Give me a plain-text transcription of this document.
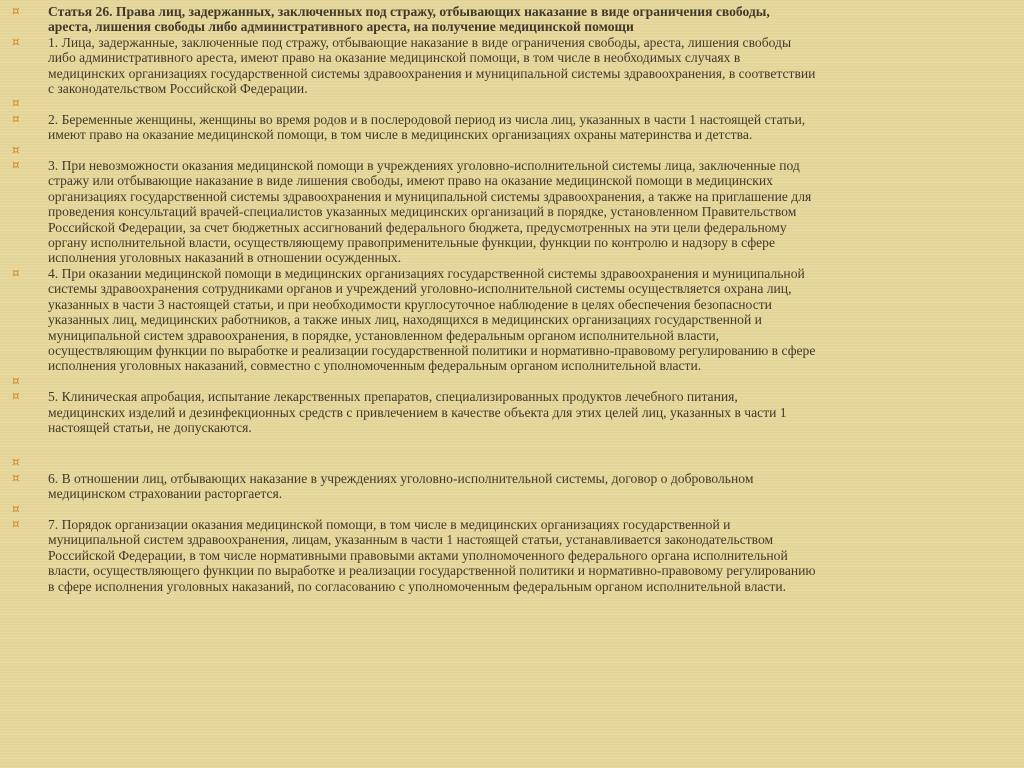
¤ Статья 26. Права лиц, задержанных, заключенных под стражу, отбывающих наказание в виде ограничения свободы,
ареста, лишения свободы либо административного ареста, на получение медицинской помощи
¤ 1. Лица, задержанные, заключенные под стражу, отбывающие наказание в виде ограничения свободы, ареста, лишения свободы
либо административного ареста, имеют право на оказание медицинской помощи, в том числе в необходимых случаях в
медицинских организациях государственной системы здравоохранения и муниципальной системы здравоохранения, в соответствии
с законодательством Российской Федерации.
¤
¤ 2. Беременные женщины, женщины во время родов и в послеродовой период из числа лиц, указанных в части 1 настоящей статьи,
имеют право на оказание медицинской помощи, в том числе в медицинских организациях охраны материнства и детства.
¤
¤ 3. При невозможности оказания медицинской помощи в учреждениях уголовно-исполнительной системы лица, заключенные под
стражу или отбывающие наказание в виде лишения свободы, имеют право на оказание медицинской помощи в медицинских
организациях государственной системы здравоохранения и муниципальной системы здравоохранения, а также на приглашение для
проведения консультаций врачей-специалистов указанных медицинских организаций в порядке, установленном Правительством
Российской Федерации, за счет бюджетных ассигнований федерального бюджета, предусмотренных на эти цели федеральному
органy исполнительной власти, осуществляющему правоприменительные функции, функции по контролю и надзору в сфере
исполнения уголовных наказаний в отношении осужденных.
¤ 4. При оказании медицинской помощи в медицинских организациях государственной системы здравоохранения и муниципальной
системы здравоохранения сотрудниками органов и учреждений уголовно-исполнительной системы осуществляется охрана лиц,
указанных в части 3 настоящей статьи, и при необходимости круглосуточное наблюдение в целях обеспечения безопасности
указанных лиц, медицинских работников, а также иных лиц, находящихся в медицинских организациях государственной и
муниципальной систем здравоохранения, в порядке, установленном федеральным органом исполнительной власти,
осуществляющим функции по выработке и реализации государственной политики и нормативно-правовому регулированию в сфере
исполнения уголовных наказаний, совместно с уполномоченным федеральным органом исполнительной власти.
¤
¤ 5. Клиническая апробация, испытание лекарственных препаратов, специализированных продуктов лечебного питания,
медицинских изделий и дезинфекционных средств с привлечением в качестве объекта для этих целей лиц, указанных в части 1
настоящей статьи, не допускаются.
¤
¤ 6. В отношении лиц, отбывающих наказание в учреждениях уголовно-исполнительной системы, договор о добровольном
медицинском страховании расторгается.
¤
¤ 7. Порядок организации оказания медицинской помощи, в том числе в медицинских организациях государственной и
муниципальной систем здравоохранения, лицам, указанным в части 1 настоящей статьи, устанавливается законодательством
Российской Федерации, в том числе нормативными правовыми актами уполномоченного федерального органа исполнительной
власти, осуществляющего функции по выработке и реализации государственной политики и нормативно-правовому регулированию
в сфере исполнения уголовных наказаний, по согласованию с уполномоченным федеральным органом исполнительной власти.
